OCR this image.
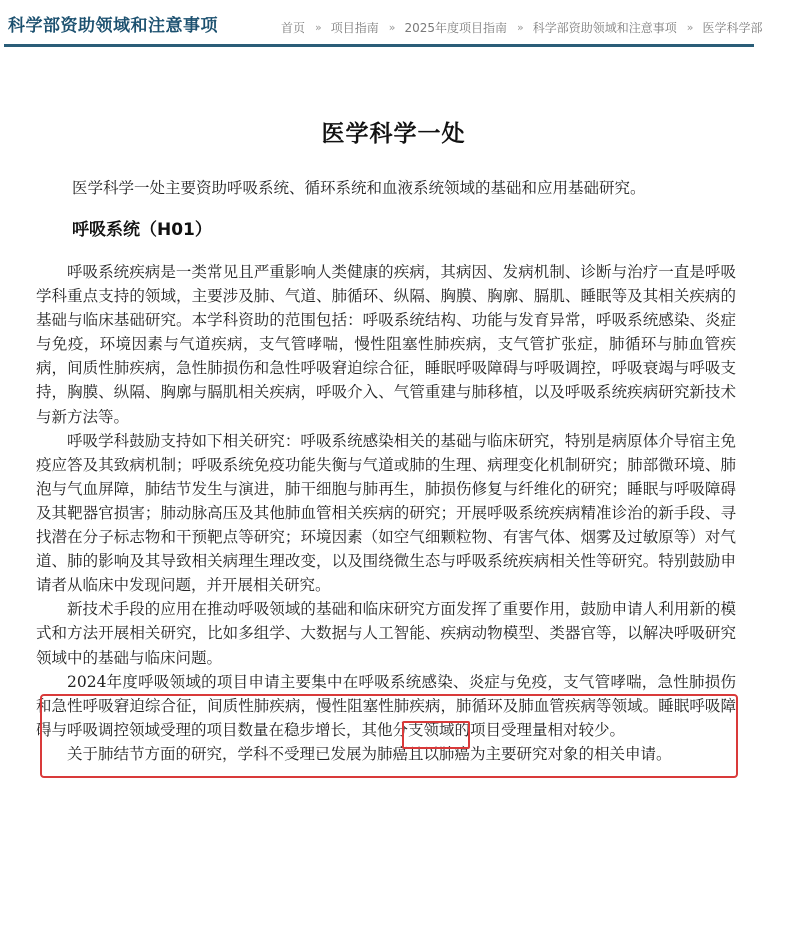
科学部资助领域和注意事项	首页 » 项目指南 » 2025年度项目指南 » 科学部资助领域和注意事项 » 医学科学部
医学科学一处
医学科学一处主要资助呼吸系统、循环系统和血液系统领域的基础和应用基础研究。
呼吸系统（H01）

呼吸系统疾病是一类常见且严重影响人类健康的疾病，其病因、发病机制、诊断与治疗一直是呼吸学科重点支持的领域，主要涉及肺、气道、肺循环、纵隔、胸膜、胸廓、膈肌、睡眠等及其相关疾病的基础与临床基础研究。本学科资助的范围包括：呼吸系统结构、功能与发育异常，呼吸系统感染、炎症与免疫，环境因素与气道疾病，支气管哮喘，慢性阻塞性肺疾病，支气管扩张症，肺循环与肺血管疾病，间质性肺疾病，急性肺损伤和急性呼吸窘迫综合征，睡眠呼吸障碍与呼吸调控，呼吸衰竭与呼吸支持，胸膜、纵隔、胸廓与膈肌相关疾病，呼吸介入、气管重建与肺移植，以及呼吸系统疾病研究新技术与新方法等。

呼吸学科鼓励支持如下相关研究：呼吸系统感染相关的基础与临床研究，特别是病原体介导宿主免疫应答及其致病机制；呼吸系统免疫功能失衡与气道或肺的生理、病理变化机制研究；肺部微环境、肺泡与气血屏障，肺结节发生与演进，肺干细胞与肺再生，肺损伤修复与纤维化的研究；睡眠与呼吸障碍及其靶器官损害；肺动脉高压及其他肺血管相关疾病的研究；开展呼吸系统疾病精准诊治的新手段、寻找潜在分子标志物和干预靶点等研究；环境因素（如空气细颗粒物、有害气体、烟雾及过敏原等）对气道、肺的影响及其导致相关病理生理改变，以及围绕微生态与呼吸系统疾病相关性等研究。特别鼓励申请者从临床中发现问题，并开展相关研究。

新技术手段的应用在推动呼吸领域的基础和临床研究方面发挥了重要作用，鼓励申请人利用新的模式和方法开展相关研究，比如多组学、大数据与人工智能、疾病动物模型、类器官等，以解决呼吸研究领域中的基础与临床问题。

2024年度呼吸领域的项目申请主要集中在呼吸系统感染、炎症与免疫，支气管哮喘，急性肺损伤和急性呼吸窘迫综合征，间质性肺疾病，慢性阻塞性肺疾病，肺循环及肺血管疾病等领域。睡眠呼吸障碍与呼吸调控领域受理的项目数量在稳步增长，其他分支领域的项目受理量相对较少。

关于肺结节方面的研究，学科不受理已发展为肺癌且以肺癌为主要研究对象的相关申请。
